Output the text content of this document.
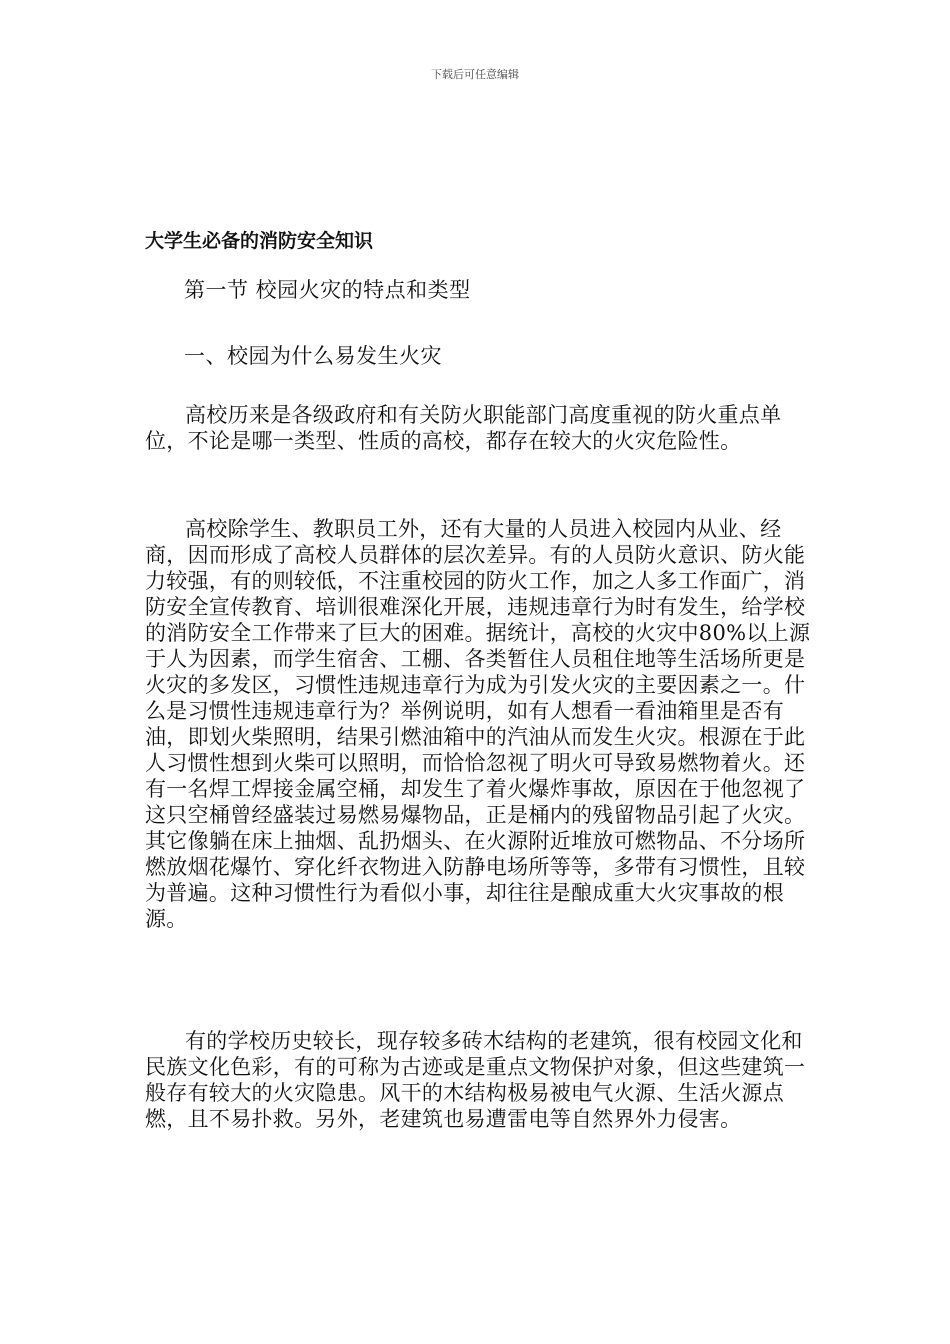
下载后可任意编辑
大学生必备的消防安全知识
第一节 校园火灾的特点和类型
一、校园为什么易发生火灾

高校历来是各级政府和有关防火职能部门高度重视的防火重点单位，不论是哪一类型、性质的高校，都存在较大的火灾危险性。

高校除学生、教职员工外，还有大量的人员进入校园内从业、经商，因而形成了高校人员群体的层次差异。有的人员防火意识、防火能力较强，有的则较低，不注重校园的防火工作，加之人多工作面广，消防安全宣传教育、培训很难深化开展，违规违章行为时有发生，给学校的消防安全工作带来了巨大的困难。据统计，高校的火灾中80%以上源于人为因素，而学生宿舍、工棚、各类暂住人员租住地等生活场所更是火灾的多发区，习惯性违规违章行为成为引发火灾的主要因素之一。什么是习惯性违规违章行为？举例说明，如有人想看一看油箱里是否有油，即划火柴照明，结果引燃油箱中的汽油从而发生火灾。根源在于此人习惯性想到火柴可以照明，而恰恰忽视了明火可导致易燃物着火。还有一名焊工焊接金属空桶，却发生了着火爆炸事故，原因在于他忽视了这只空桶曾经盛装过易燃易爆物品，正是桶内的残留物品引起了火灾。其它像躺在床上抽烟、乱扔烟头、在火源附近堆放可燃物品、不分场所燃放烟花爆竹、穿化纤衣物进入防静电场所等等，多带有习惯性，且较为普遍。这种习惯性行为看似小事，却往往是酿成重大火灾事故的根源。

有的学校历史较长，现存较多砖木结构的老建筑，很有校园文化和民族文化色彩，有的可称为古迹或是重点文物保护对象，但这些建筑一般存有较大的火灾隐患。风干的木结构极易被电气火源、生活火源点燃，且不易扑救。另外，老建筑也易遭雷电等自然界外力侵害。
